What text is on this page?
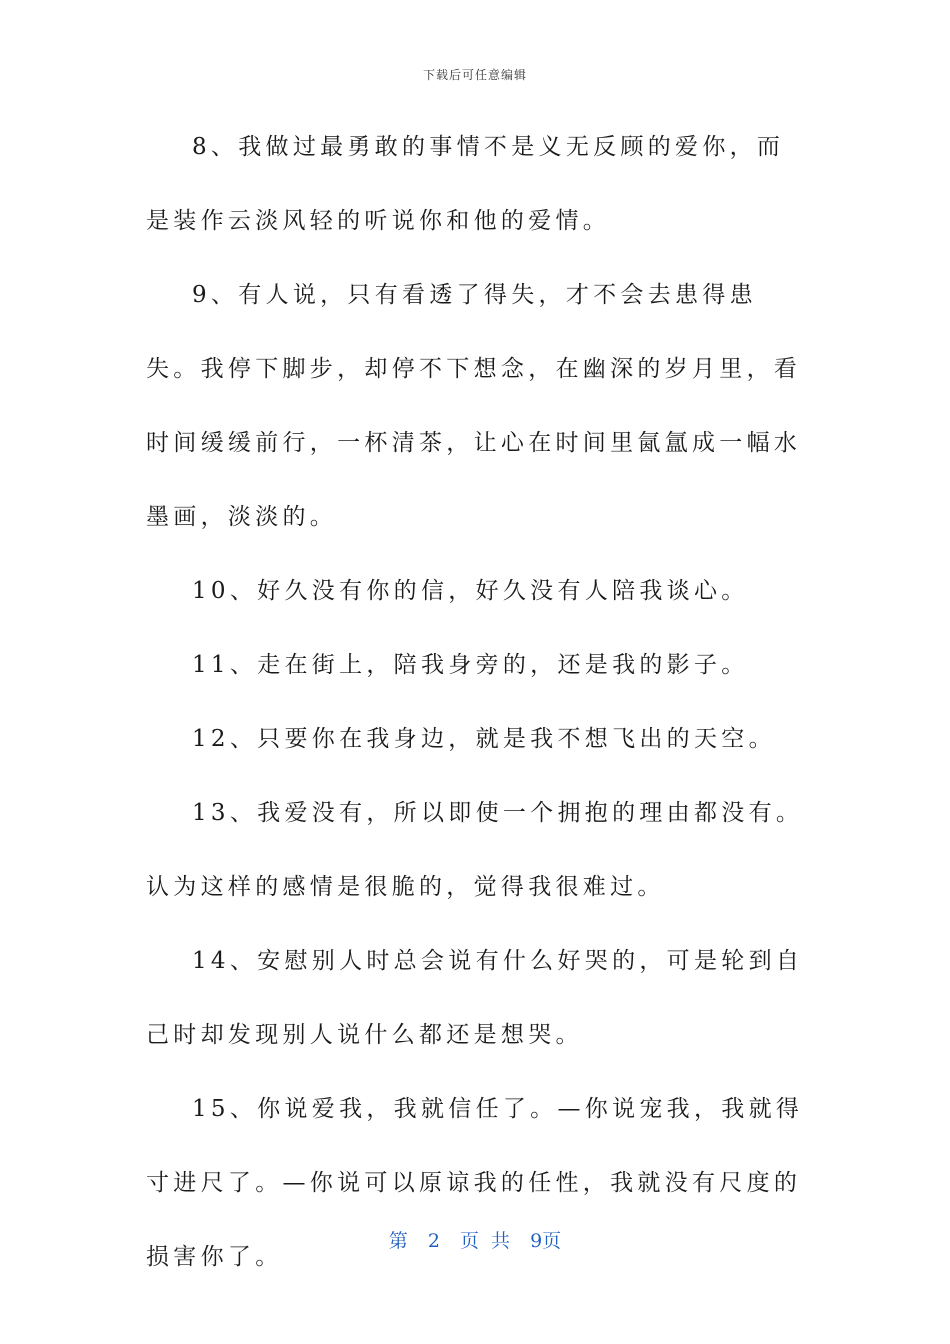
下载后可任意编辑

8、我做过最勇敢的事情不是义无反顾的爱你，而是装作云淡风轻的听说你和他的爱情。

9、有人说，只有看透了得失，才不会去患得患失。我停下脚步，却停不下想念，在幽深的岁月里，看时间缓缓前行，一杯清茶，让心在时间里氤氲成一幅水墨画，淡淡的。

10、好久没有你的信，好久没有人陪我谈心。

11、走在街上，陪我身旁的，还是我的影子。

12、只要你在我身边，就是我不想飞出的天空。

13、我爱没有，所以即使一个拥抱的理由都没有。认为这样的感情是很脆的，觉得我很难过。

14、安慰别人时总会说有什么好哭的，可是轮到自己时却发现别人说什么都还是想哭。

15、你说爱我，我就信任了。—你说宠我，我就得寸进尺了。—你说可以原谅我的任性，我就没有尺度的损害你了。

第 2 页 共 9页
